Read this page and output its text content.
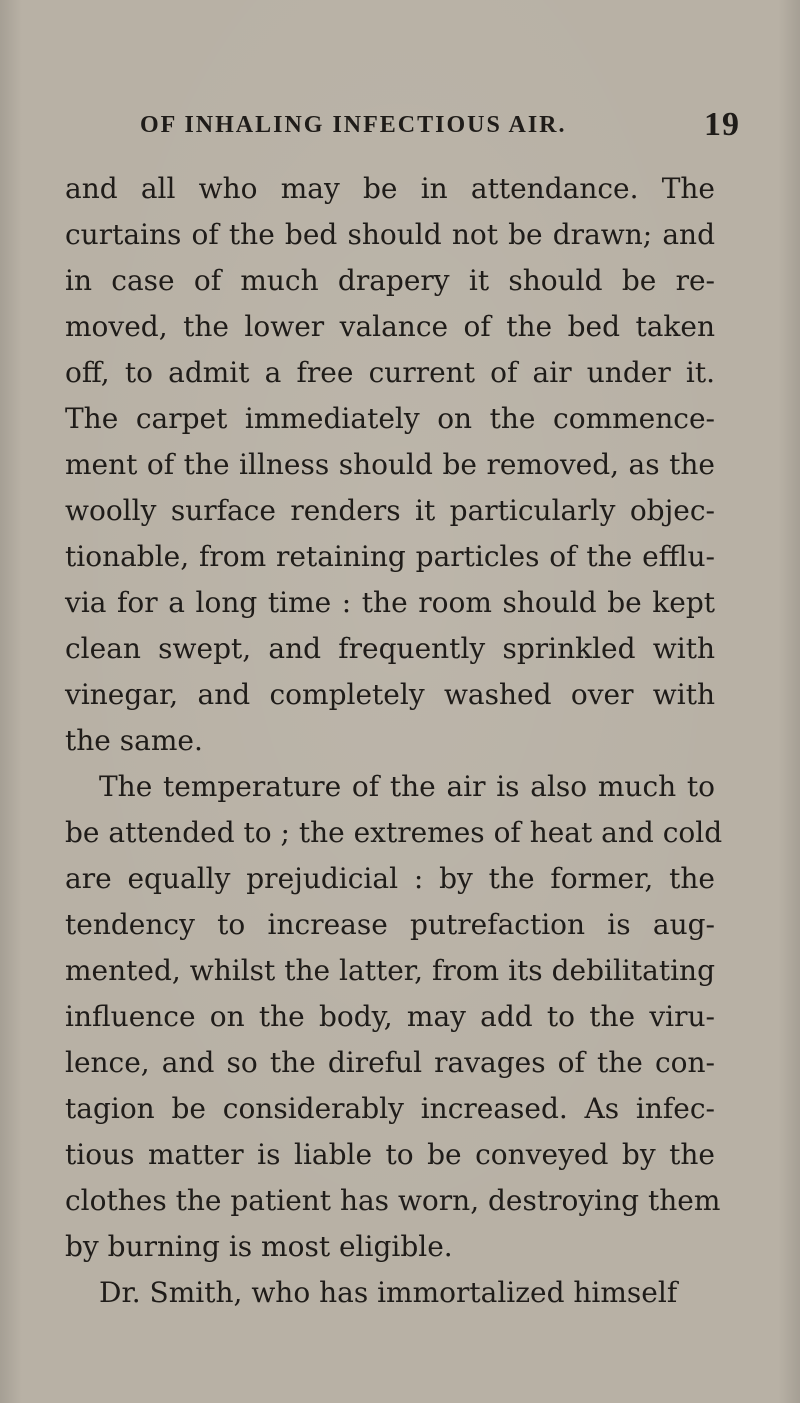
OF INHALING INFECTIOUS AIR.	19
and all who may be in attendance. The
curtains of the bed should not be drawn; and
in case of much drapery it should be re-
moved, the lower valance of the bed taken
off, to admit a free current of air under it.
The carpet immediately on the commence-
ment of the illness should be removed, as the
woolly surface renders it particularly objec-
tionable, from retaining particles of the efflu-
via for a long time : the room should be kept
clean swept, and frequently sprinkled with
vinegar, and completely washed over with
the same.
The temperature of the air is also much to
be attended to ; the extremes of heat and cold
are equally prejudicial : by the former, the
tendency to increase putrefaction is aug-
mented, whilst the latter, from its debilitating
influence on the body, may add to the viru-
lence, and so the direful ravages of the con-
tagion be considerably increased. As infec-
tious matter is liable to be conveyed by the
clothes the patient has worn, destroying them
by burning is most eligible.
Dr. Smith, who has immortalized himself
